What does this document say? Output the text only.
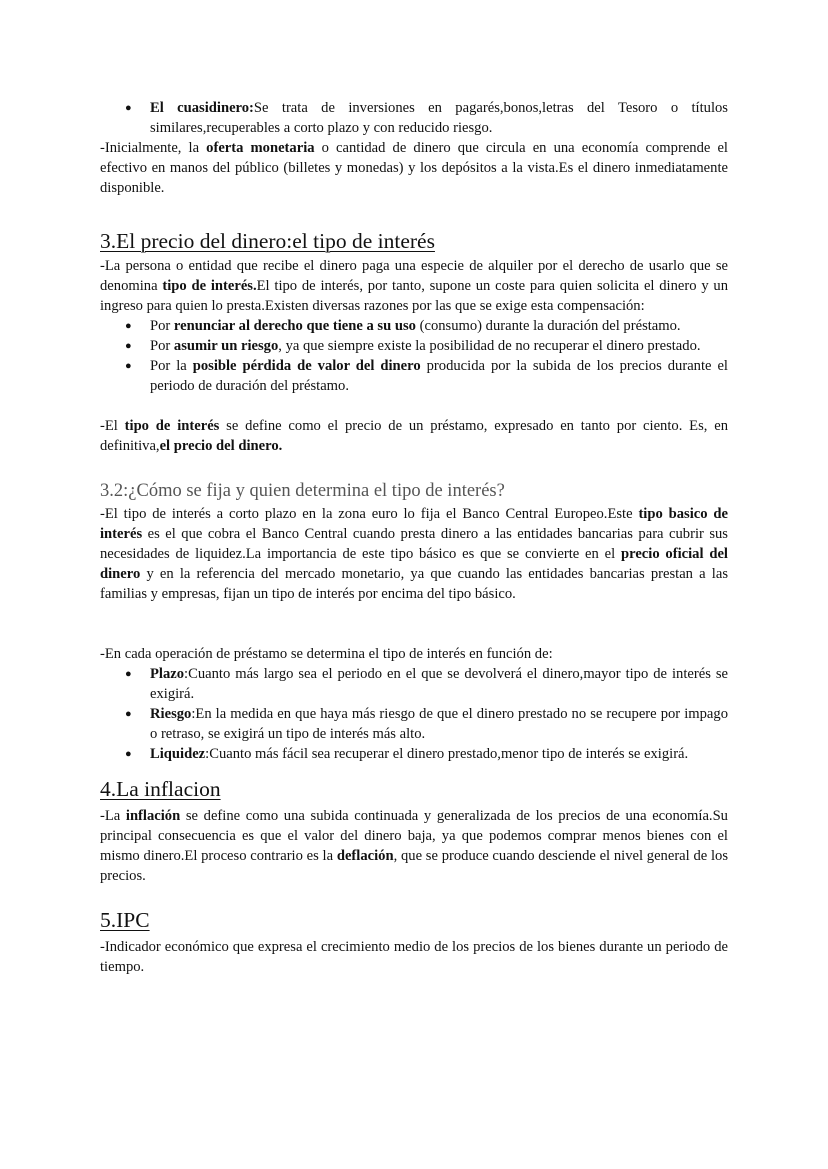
● El cuasidinero:Se trata de inversiones en pagarés,bonos,letras del Tesoro o títulos similares,recuperables a corto plazo y con reducido riesgo.

-Inicialmente, la oferta monetaria o cantidad de dinero que circula en una economía comprende el efectivo en manos del público (billetes y monedas) y los depósitos a la vista.Es el dinero inmediatamente disponible.

3.El precio del dinero:el tipo de interés

-La persona o entidad que recibe el dinero paga una especie de alquiler por el derecho de usarlo que se denomina tipo de interés.El tipo de interés, por tanto, supone un coste para quien solicita el dinero y un ingreso para quien lo presta.Existen diversas razones por las que se exige esta compensación:

● Por renunciar al derecho que tiene a su uso (consumo) durante la duración del préstamo.
● Por asumir un riesgo, ya que siempre existe la posibilidad de no recuperar el dinero prestado.
● Por la posible pérdida de valor del dinero producida por la subida de los precios durante el periodo de duración del préstamo.

-El tipo de interés se define como el precio de un préstamo, expresado en tanto por ciento. Es, en definitiva,el precio del dinero.

3.2:¿Cómo se fija y quien determina el tipo de interés?

-El tipo de interés a corto plazo en la zona euro lo fija el Banco Central Europeo.Este tipo basico de interés es el que cobra el Banco Central cuando presta dinero a las entidades bancarias para cubrir sus necesidades de liquidez.La importancia de este tipo básico es que se convierte en el precio oficial del dinero y en la referencia del mercado monetario, ya que cuando las entidades bancarias prestan a las familias y empresas, fijan un tipo de interés por encima del tipo básico.

-En cada operación de préstamo se determina el tipo de interés en función de:

● Plazo:Cuanto más largo sea el periodo en el que se devolverá el dinero,mayor tipo de interés se exigirá.
● Riesgo:En la medida en que haya más riesgo de que el dinero prestado no se recupere por impago o retraso, se exigirá un tipo de interés más alto.
● Liquidez:Cuanto más fácil sea recuperar el dinero prestado,menor tipo de interés se exigirá.
4.La inflacion

-La inflación se define como una subida continuada y generalizada de los precios de una economía.Su principal consecuencia es que el valor del dinero baja, ya que podemos comprar menos bienes con el mismo dinero.El proceso contrario es la deflación, que se produce cuando desciende el nivel general de los precios.

5.IPC

-Indicador económico que expresa el crecimiento medio de los precios de los bienes durante un periodo de tiempo.
